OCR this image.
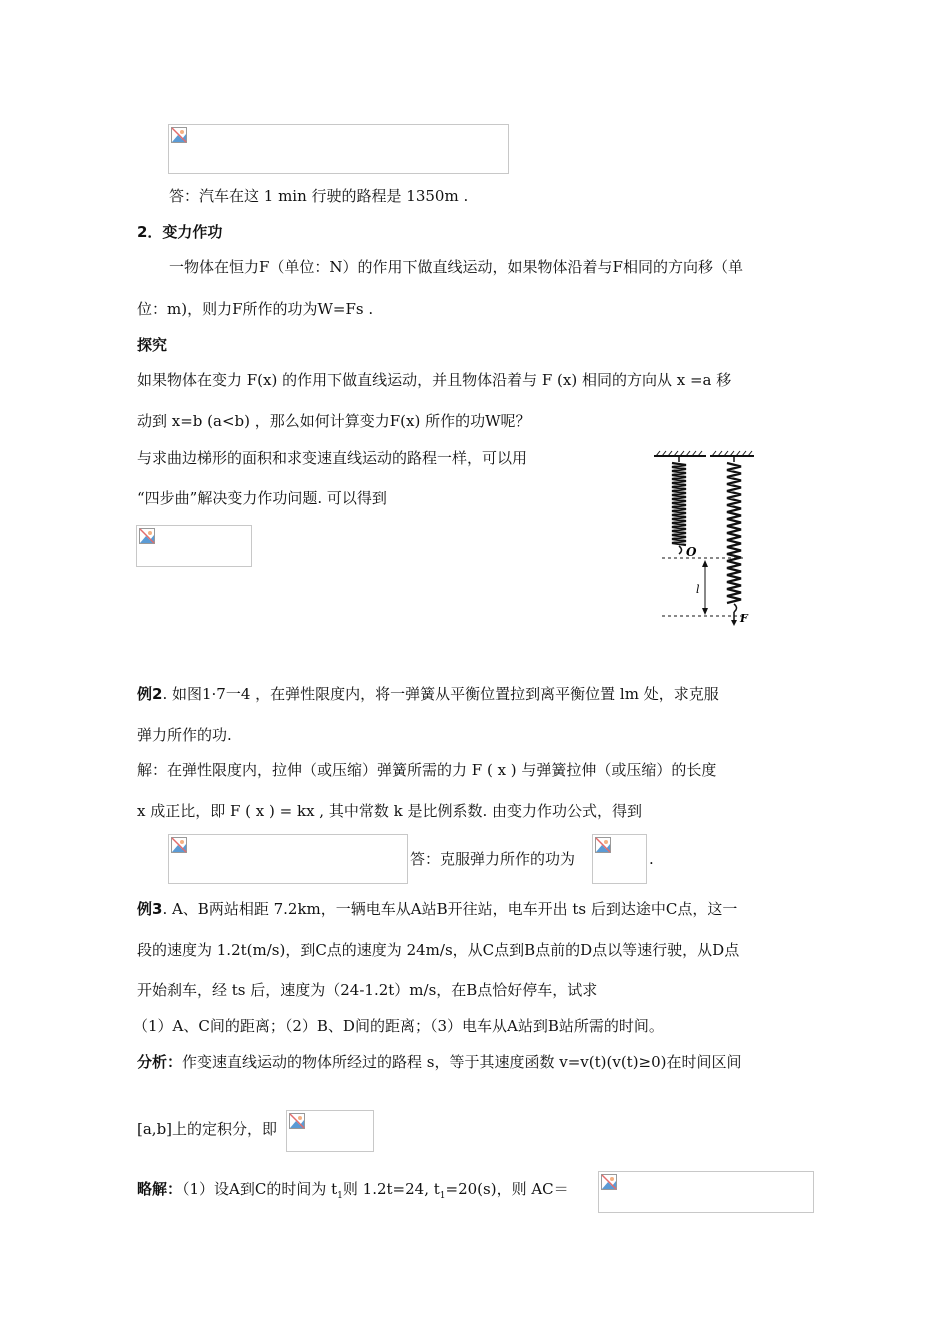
答：汽车在这 1 min 行驶的路程是 1350m .
2．变力作功
一物体在恒力F（单位：N）的作用下做直线运动，如果物体沿着与F相同的方向移（单
位：m)，则力F所作的功为W=Fs .
探究
如果物体在变力 F(x) 的作用下做直线运动，并且物体沿着与 F (x) 相同的方向从 x =a 移
动到 x=b (a<b) ，那么如何计算变力F(x) 所作的功W呢？
与求曲边梯形的面积和求变速直线运动的路程一样，可以用
“四步曲”解决变力作功问题. 可以得到
O
l
F
例2. 如图1·7一4 ，在弹性限度内，将一弹簧从平衡位置拉到离平衡位置 lm 处，求克服
弹力所作的功.
解：在弹性限度内，拉伸（或压缩）弹簧所需的力 F ( x ) 与弹簧拉伸（或压缩）的长度
x 成正比，即 F ( x ) = kx , 其中常数 k 是比例系数. 由变力作功公式，得到
答：克服弹力所作的功为	.
例3. A、B两站相距 7.2km，一辆电车从A站B开往站，电车开出 ts 后到达途中C点，这一
段的速度为 1.2t(m/s)，到C点的速度为 24m/s，从C点到B点前的D点以等速行驶，从D点
开始刹车，经 ts 后，速度为（24-1.2t）m/s，在B点恰好停车，试求
（1）A、C间的距离；（2）B、D间的距离；（3）电车从A站到B站所需的时间。
分析：作变速直线运动的物体所经过的路程 s，等于其速度函数 v=v(t)(v(t)≥0)在时间区间
[a,b]上的定积分，即
略解：（1）设A到C的时间为 $t_1$则 1.2t=24, $t_1=20(s)$，则 AC＝
